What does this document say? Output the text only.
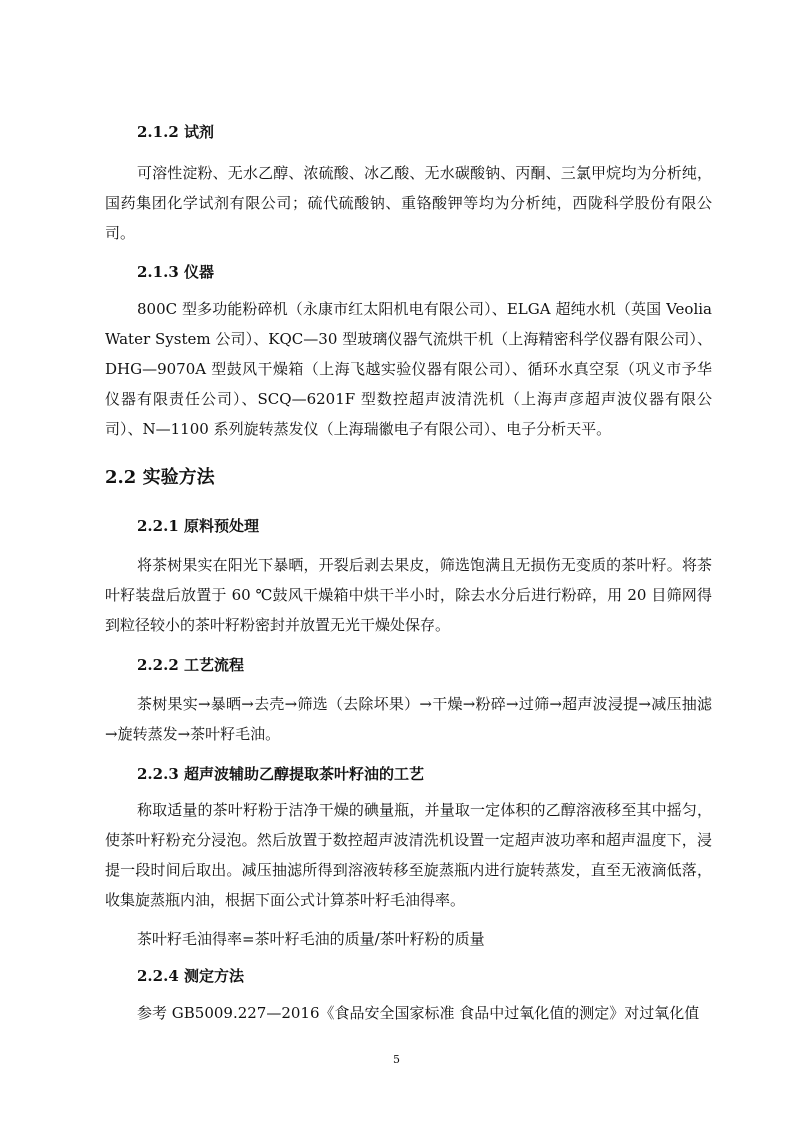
2.1.2 试剂

可溶性淀粉、无水乙醇、浓硫酸、冰乙酸、无水碳酸钠、丙酮、三氯甲烷均为分析纯，国药集团化学试剂有限公司；硫代硫酸钠、重铬酸钾等均为分析纯，西陇科学股份有限公司。

2.1.3 仪器

800C 型多功能粉碎机（永康市红太阳机电有限公司）、ELGA 超纯水机（英国 Veolia Water System 公司）、KQC—30 型玻璃仪器气流烘干机（上海精密科学仪器有限公司）、DHG—9070A 型鼓风干燥箱（上海飞越实验仪器有限公司）、循环水真空泵（巩义市予华仪器有限责任公司）、SCQ—6201F 型数控超声波清洗机（上海声彦超声波仪器有限公司）、N—1100 系列旋转蒸发仪（上海瑞徽电子有限公司）、电子分析天平。

2.2 实验方法
2.2.1 原料预处理

将茶树果实在阳光下暴晒，开裂后剥去果皮，筛选饱满且无损伤无变质的茶叶籽。将茶叶籽装盘后放置于 60 ℃鼓风干燥箱中烘干半小时，除去水分后进行粉碎，用 20 目筛网得到粒径较小的茶叶籽粉密封并放置无光干燥处保存。

2.2.2 工艺流程

茶树果实→暴晒→去壳→筛选（去除坏果）→干燥→粉碎→过筛→超声波浸提→减压抽滤→旋转蒸发→茶叶籽毛油。

2.2.3 超声波辅助乙醇提取茶叶籽油的工艺

称取适量的茶叶籽粉于洁净干燥的碘量瓶，并量取一定体积的乙醇溶液移至其中摇匀，使茶叶籽粉充分浸泡。然后放置于数控超声波清洗机设置一定超声波功率和超声温度下，浸提一段时间后取出。减压抽滤所得到溶液转移至旋蒸瓶内进行旋转蒸发，直至无液滴低落，收集旋蒸瓶内油，根据下面公式计算茶叶籽毛油得率。

茶叶籽毛油得率=茶叶籽毛油的质量/茶叶籽粉的质量
2.2.4 测定方法

参考 GB5009.227—2016《食品安全国家标准 食品中过氧化值的测定》对过氧化值

5
